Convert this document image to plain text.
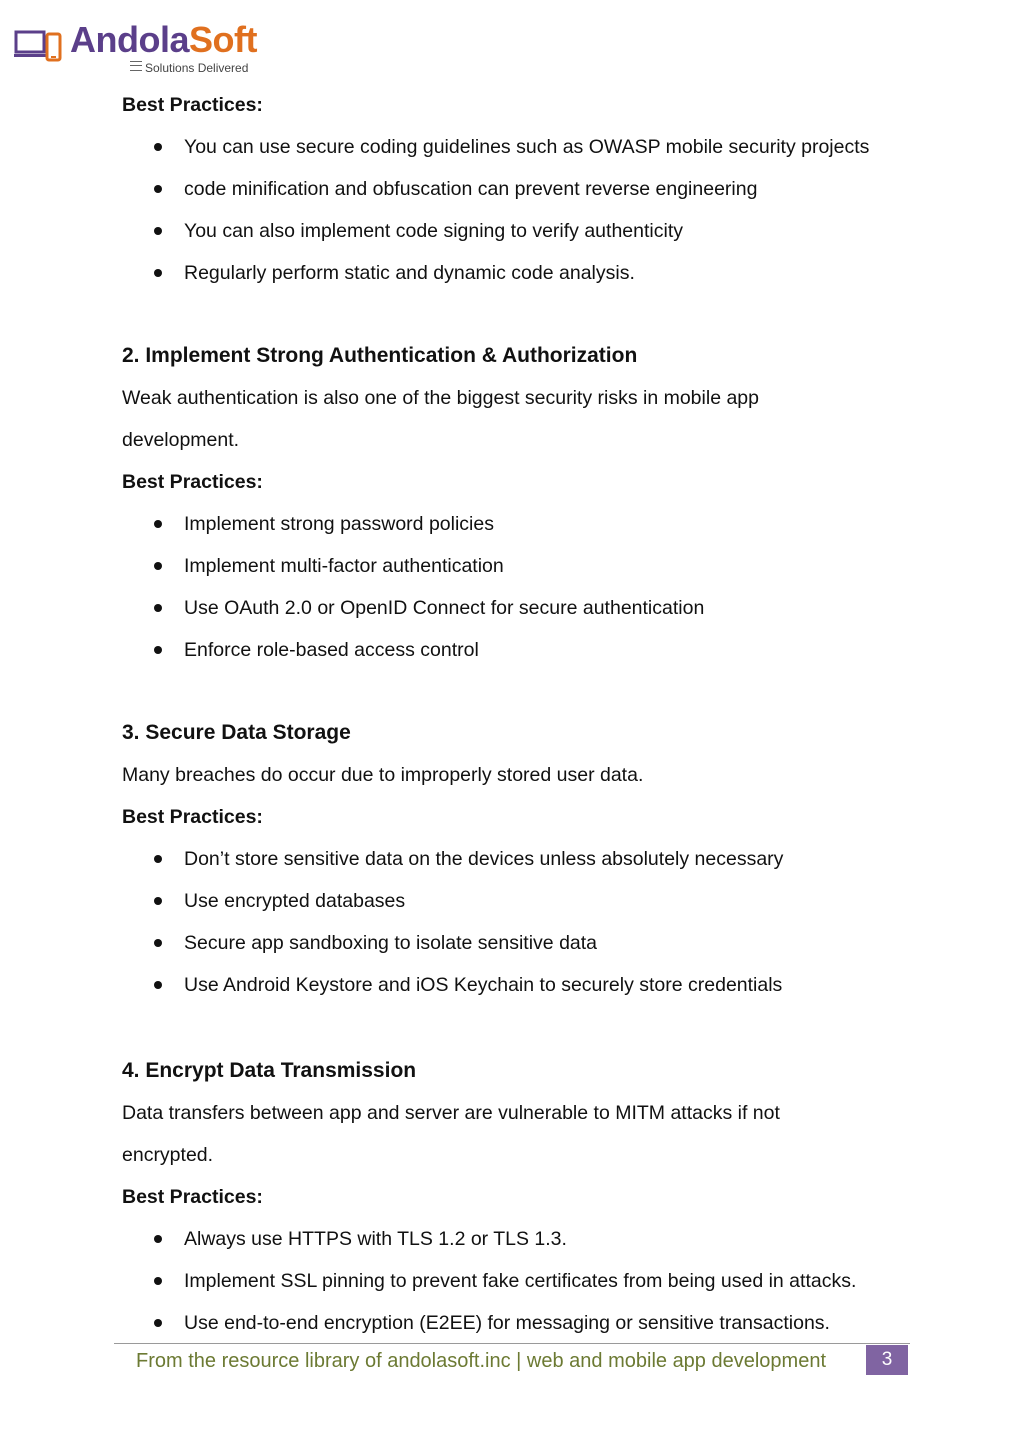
AndolaSoft
Solutions Delivered

Best Practices:

You can use secure coding guidelines such as OWASP mobile security projects
code minification and obfuscation can prevent reverse engineering
You can also implement code signing to verify authenticity
Regularly perform static and dynamic code analysis.
2. Implement Strong Authentication & Authorization

Weak authentication is also one of the biggest security risks in mobile app

development.

Best Practices:

Implement strong password policies
Implement multi-factor authentication
Use OAuth 2.0 or OpenID Connect for secure authentication
Enforce role-based access control
3. Secure Data Storage

Many breaches do occur due to improperly stored user data.

Best Practices:

Don’t store sensitive data on the devices unless absolutely necessary
Use encrypted databases
Secure app sandboxing to isolate sensitive data
Use Android Keystore and iOS Keychain to securely store credentials
4. Encrypt Data Transmission

Data transfers between app and server are vulnerable to MITM attacks if not

encrypted.

Best Practices:

Always use HTTPS with TLS 1.2 or TLS 1.3.
Implement SSL pinning to prevent fake certificates from being used in attacks.
Use end-to-end encryption (E2EE) for messaging or sensitive transactions.
From the resource library of andolasoft.inc | web and mobile app development	3
